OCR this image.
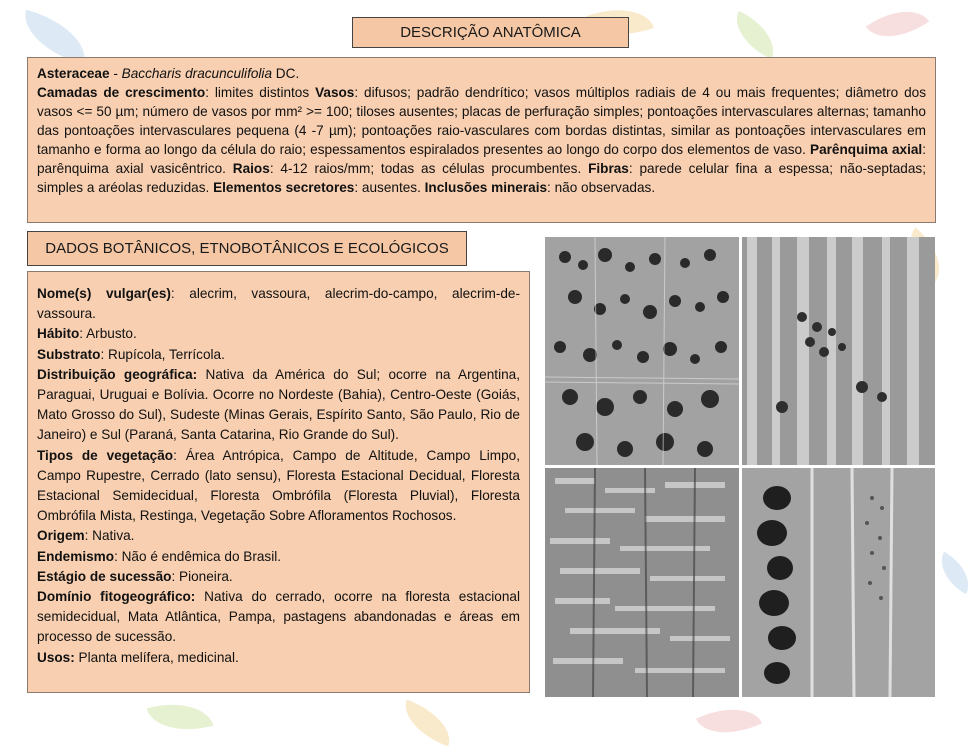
DESCRIÇÃO ANATÔMICA
Asteraceae - Baccharis dracunculifolia DC.
Camadas de crescimento: limites distintos Vasos: difusos; padrão dendrítico; vasos múltiplos radiais de 4 ou mais frequentes; diâmetro dos vasos <= 50 µm; número de vasos por mm² >= 100; tiloses ausentes; placas de perfuração simples; pontoações intervasculares alternas; tamanho das pontoações intervasculares pequena (4 -7 µm); pontoações raio-vasculares com bordas distintas, similar as pontoações intervasculares em tamanho e forma ao longo da célula do raio; espessamentos espiralados presentes ao longo do corpo dos elementos de vaso. Parênquima axial: parênquima axial vasicêntrico. Raios: 4-12 raios/mm; todas as células procumbentes. Fibras: parede celular fina a espessa; não-septadas; simples a aréolas reduzidas. Elementos secretores: ausentes. Inclusões minerais: não observadas.
DADOS BOTÂNICOS, ETNOBOTÂNICOS E ECOLÓGICOS
Nome(s) vulgar(es): alecrim, vassoura, alecrim-do-campo, alecrim-de-vassoura.
Hábito: Arbusto.
Substrato: Rupícola, Terrícola.
Distribuição geográfica: Nativa da América do Sul; ocorre na Argentina, Paraguai, Uruguai e Bolívia. Ocorre no Nordeste (Bahia), Centro-Oeste (Goiás, Mato Grosso do Sul), Sudeste (Minas Gerais, Espírito Santo, São Paulo, Rio de Janeiro) e Sul (Paraná, Santa Catarina, Rio Grande do Sul).
Tipos de vegetação: Área Antrópica, Campo de Altitude, Campo Limpo, Campo Rupestre, Cerrado (lato sensu), Floresta Estacional Decidual, Floresta Estacional Semidecidual, Floresta Ombrófila (Floresta Pluvial), Floresta Ombrófila Mista, Restinga, Vegetação Sobre Afloramentos Rochosos.
Origem: Nativa.
Endemismo: Não é endêmica do Brasil.
Estágio de sucessão: Pioneira.
Domínio fitogeográfico: Nativa do cerrado, ocorre na floresta estacional semidecidual, Mata Atlântica, Pampa, pastagens abandonadas e áreas em processo de sucessão.
Usos: Planta melífera, medicinal.
